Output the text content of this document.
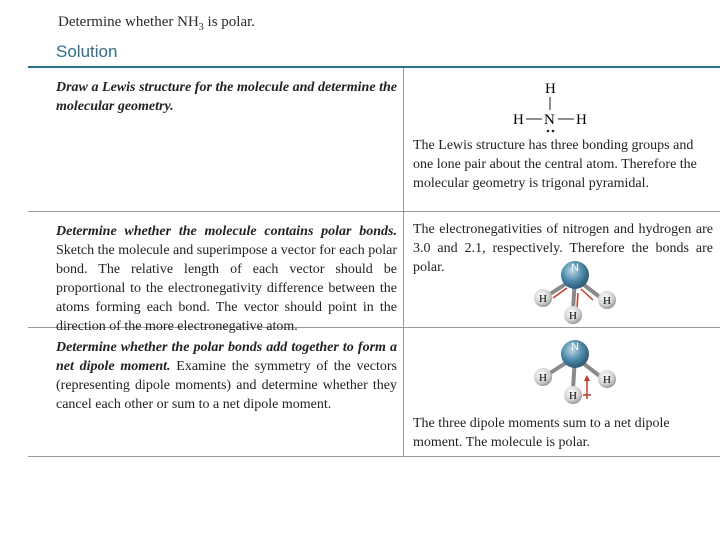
Determine whether $NH_3$ is polar.
Solution
Draw a Lewis structure for the molecule and determine the molecular geometry.
H
H N H
The Lewis structure has three bonding groups and one lone pair about the central atom. Therefore the molecular geometry is trigonal pyramidal.
Determine whether the molecule contains polar bonds. Sketch the molecule and superimpose a vector for each polar bond. The relative length of each vector should be proportional to the electronegativity difference between the atoms forming each bond. The vector should point in the direction of the more electronegative atom.
The electronegativities of nitrogen and hydrogen are 3.0 and 2.1, respectively. Therefore the bonds are polar.	N
H	H
H
Determine whether the polar bonds add together to form a net dipole moment. Examine the symmetry of the vectors (representing dipole moments) and determine whether they cancel each other or sum to a net dipole moment.
N
H	H
H
The three dipole moments sum to a net dipole moment. The molecule is polar.
